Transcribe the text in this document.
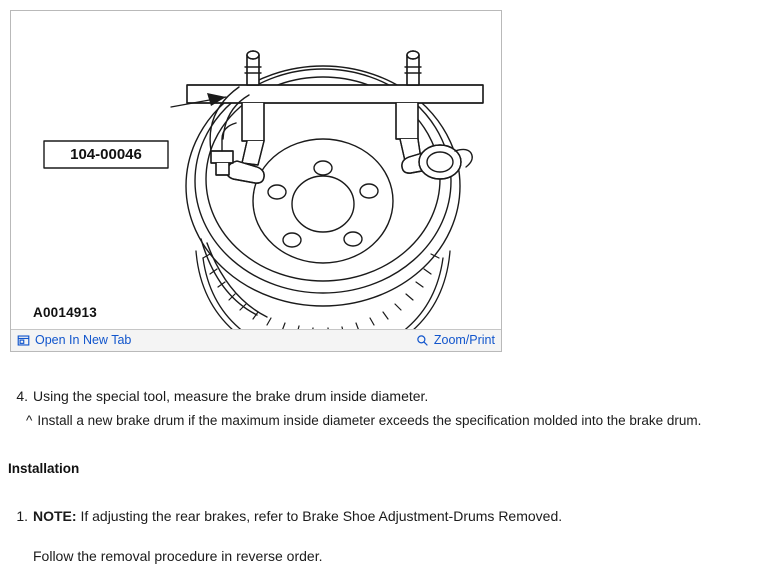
104-00046
A0014913
Open In New Tab	Zoom/Print
4. Using the special tool, measure the brake drum inside diameter.
^ Install a new brake drum if the maximum inside diameter exceeds the specification molded into the brake drum.
Installation
1. NOTE: If adjusting the rear brakes, refer to Brake Shoe Adjustment-Drums Removed.
Follow the removal procedure in reverse order.
